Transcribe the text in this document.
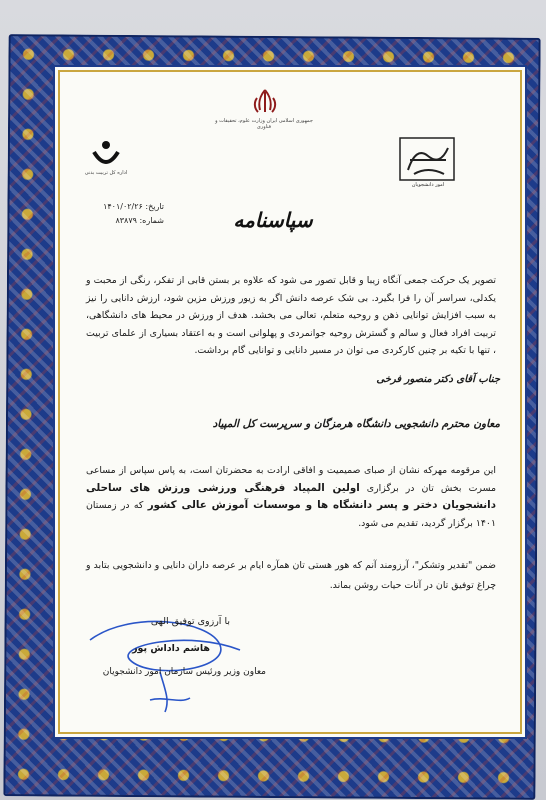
جمهوری اسلامی ایران وزارت علوم، تحقیقات و فناوری
امور دانشجویان
اداره کل تربیت بدنی
تاریخ: ۱۴۰۱/۰۲/۲۶
شماره: ۸۳۸۷۹	سپاسنامه
تصویر یک حرکت جمعی آنگاه زیبا و قابل تصور می شود که علاوه بر بستن قابی از تفکر، رنگی از محبت و یکدلی، سراسر آن را فرا بگیرد. بی شک عرصه دانش اگر به زیور ورزش مزین شود، ارزش دانایی را نیز به سبب افزایش توانایی ذهن و روحیه متعلم، تعالی می بخشد. هدف از ورزش در محیط های دانشگاهی، تربیت افراد فعال و سالم و گسترش روحیه جوانمردی و پهلوانی است و به اعتقاد بسیاری از علمای تربیت ، تنها با تکیه بر چنین کارکردی می توان در مسیر دانایی و توانایی گام برداشت.
جناب آقای دکتر منصور فرخی
معاون محترم دانشجویی دانشگاه هرمزگان و سرپرست کل المپیاد
این مرقومه مهرکه نشان از صبای صمیمیت و افاقی ارادت به محضرتان است، به پاس سپاس از مساعی مسرت بخش تان در برگزاری اولین المپیاد فرهنگی ورزشی ورزش های ساحلی دانشجویان دختر و پسر دانشگاه ها و موسسات آموزش عالی کشور که در زمستان ۱۴۰۱ برگزار گردید، تقدیم می شود.
ضمن "تقدیر وتشکر"، آرزومند آنم که هور هستی تان همآره ایام بر عرصه داران دانایی و دانشجویی بتابد و چراغ توفیق تان در آنات حیات روشن بماند.
با آرزوی توفیق الهی
هاشم داداش پور
معاون وزیر ورئیس سازمان امور دانشجویان
